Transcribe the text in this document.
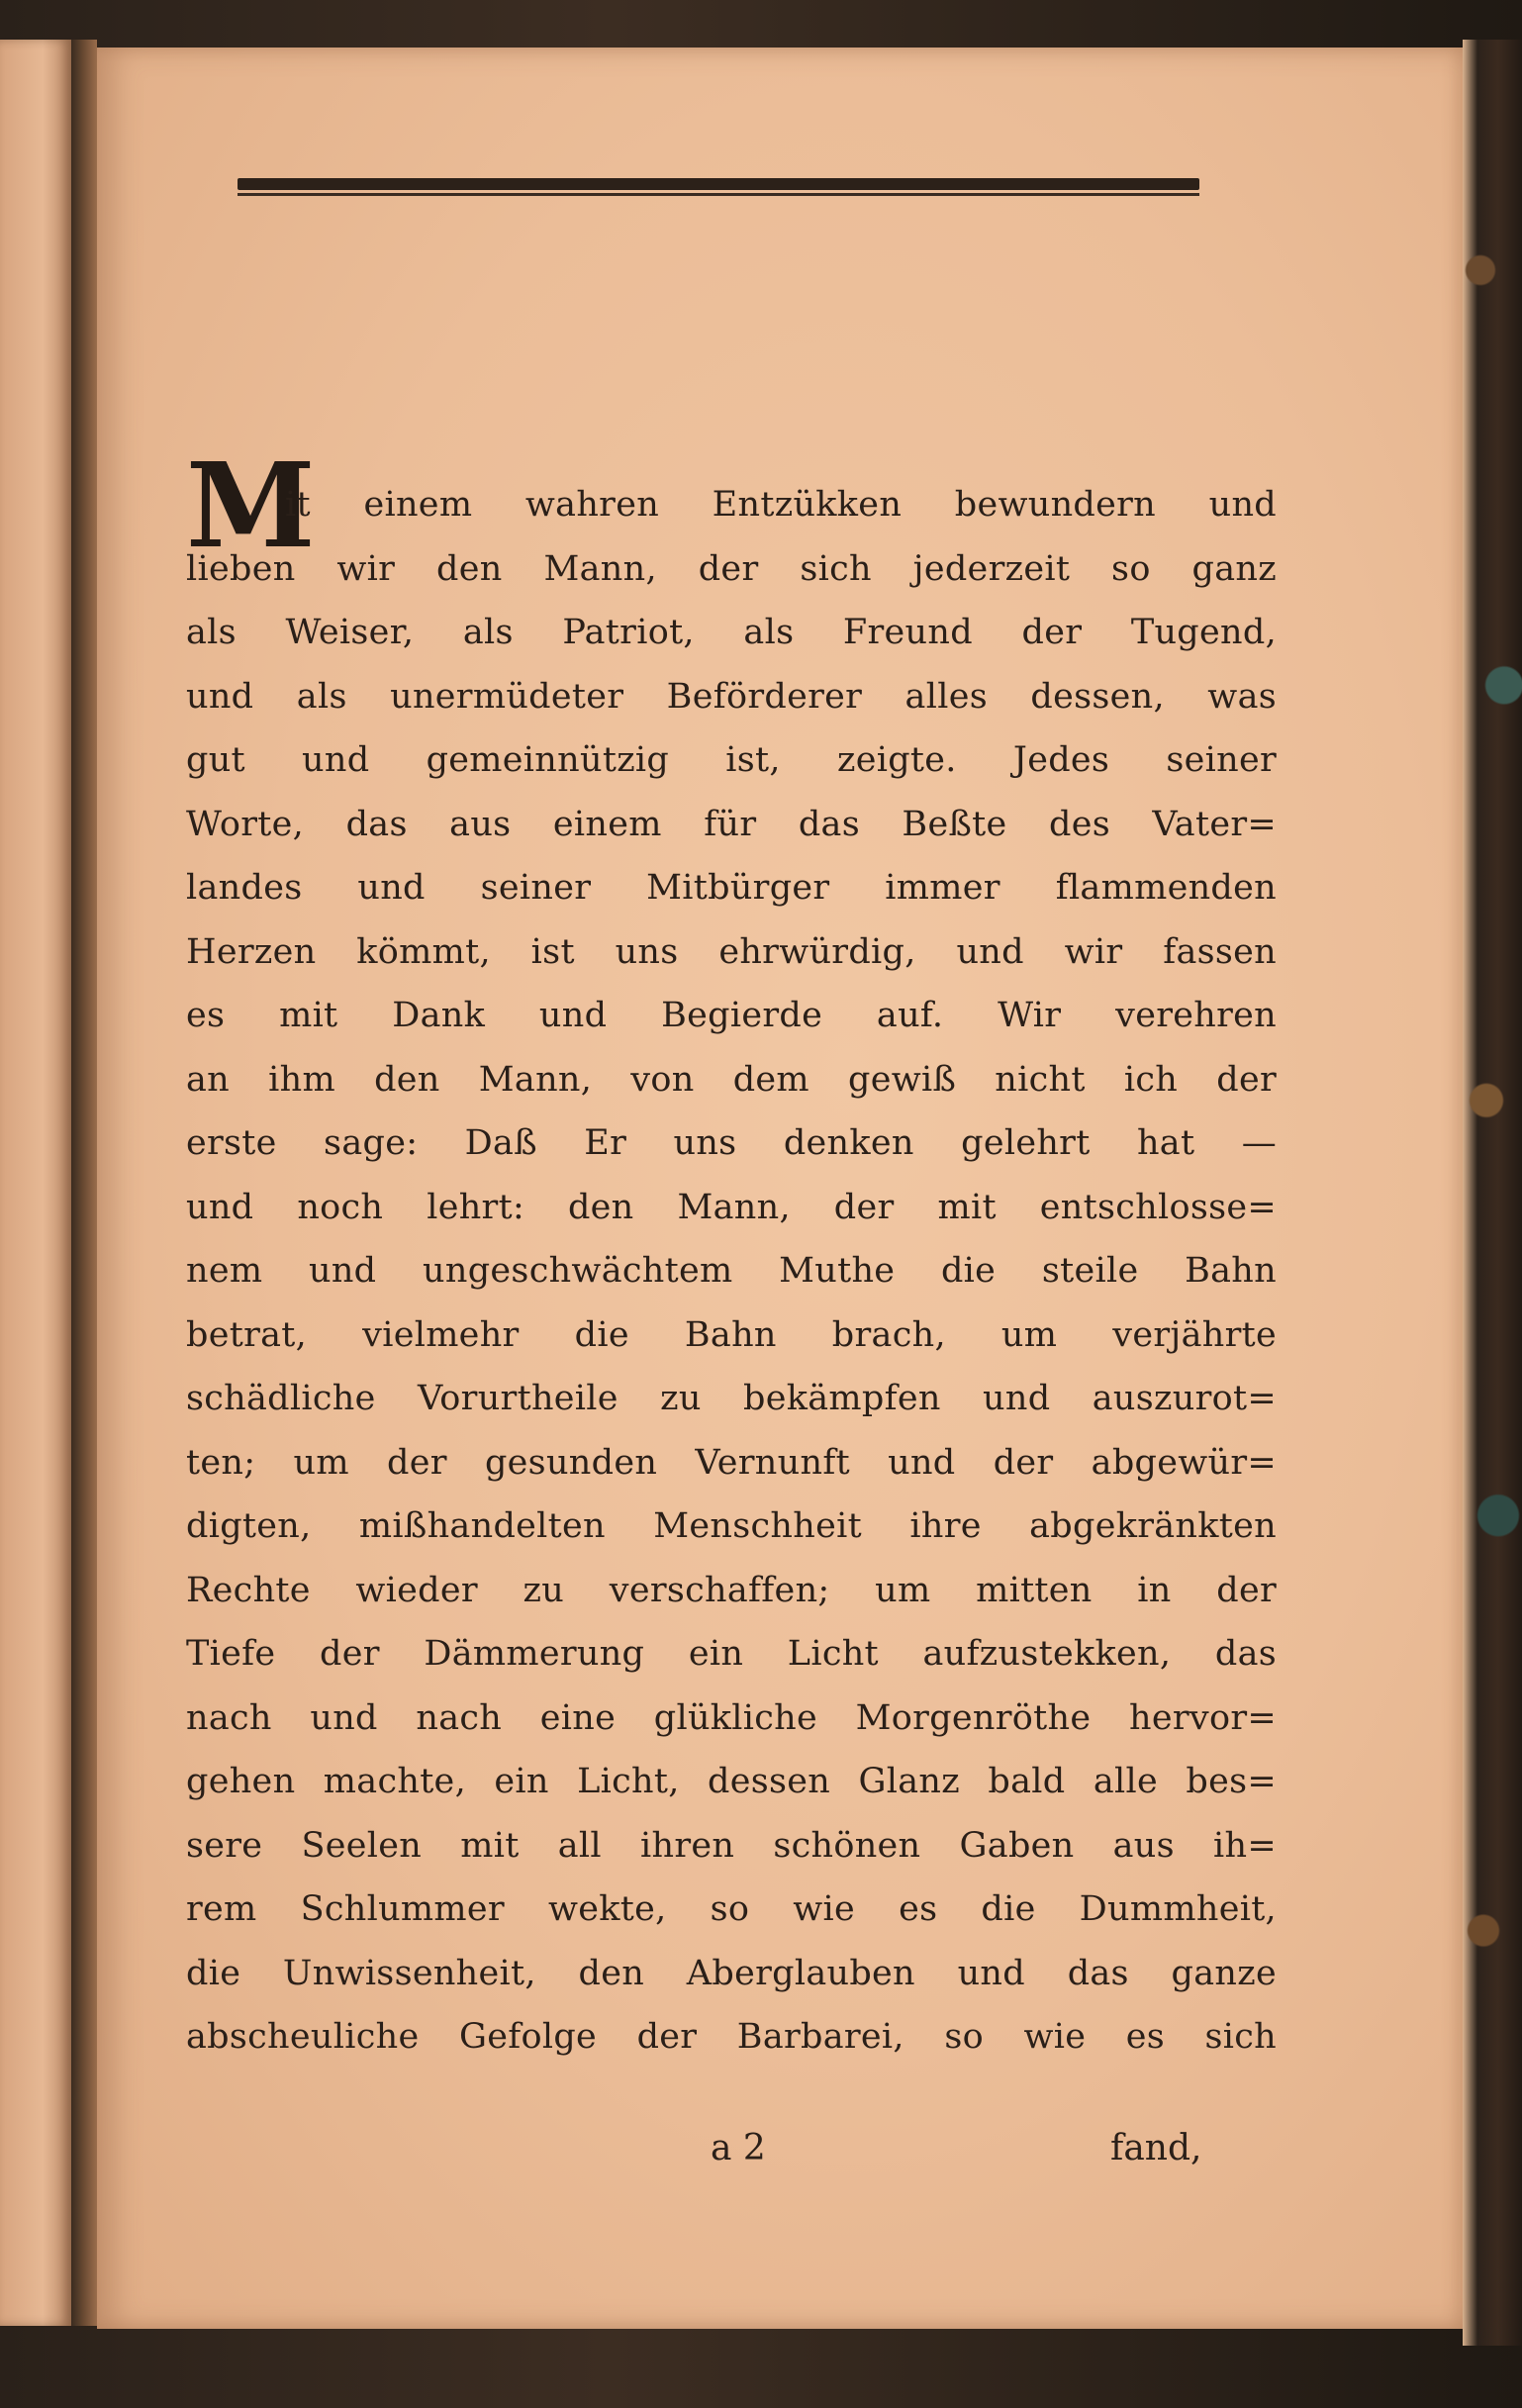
M
it einem wahren Entzükken bewundern und
lieben wir den Mann, der sich jederzeit so ganz
als Weiser, als Patriot, als Freund der Tugend,
und als unermüdeter Beförderer alles dessen, was
gut und gemeinnützig ist, zeigte. Jedes seiner
Worte, das aus einem für das Beßte des Vater=
landes und seiner Mitbürger immer flammenden
Herzen kömmt, ist uns ehrwürdig, und wir fassen
es mit Dank und Begierde auf. Wir verehren
an ihm den Mann, von dem gewiß nicht ich der
erste sage: Daß Er uns denken gelehrt hat —
und noch lehrt: den Mann, der mit entschlosse=
nem und ungeschwächtem Muthe die steile Bahn
betrat, vielmehr die Bahn brach, um verjährte
schädliche Vorurtheile zu bekämpfen und auszurot=
ten; um der gesunden Vernunft und der abgewür=
digten, mißhandelten Menschheit ihre abgekränkten
Rechte wieder zu verschaffen; um mitten in der
Tiefe der Dämmerung ein Licht aufzustekken, das
nach und nach eine glükliche Morgenröthe hervor=
gehen machte, ein Licht, dessen Glanz bald alle bes=
sere Seelen mit all ihren schönen Gaben aus ih=
rem Schlummer wekte, so wie es die Dummheit,
die Unwissenheit, den Aberglauben und das ganze
abscheuliche Gefolge der Barbarei, so wie es sich
a 2	fand,
